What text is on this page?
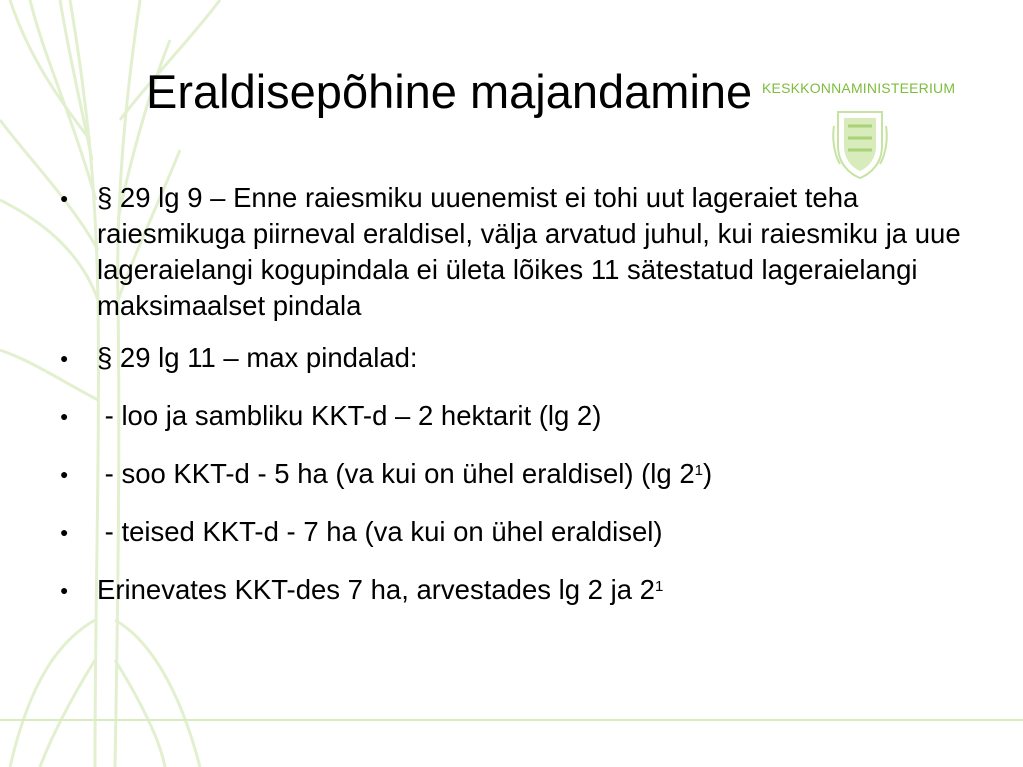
Eraldisepõhine majandamine KESKKONNAMINISTEERIUM
● § 29 lg 9 – Enne raiesmiku uuenemist ei tohi uut lageraiet teha raiesmikuga piirneval eraldisel, välja arvatud juhul, kui raiesmiku ja uue lageraielangi kogupindala ei ületa lõikes 11 sätestatud lageraielangi maksimaalset pindala
● § 29 lg 11 – max pindalad:
● - loo ja sambliku KKT-d – 2 hektarit (lg 2)
● - soo KKT-d - 5 ha (va kui on ühel eraldisel) (lg $2^1$)
● - teised KKT-d - 7 ha (va kui on ühel eraldisel)
● Erinevates KKT-des 7 ha, arvestades lg 2 ja $2^1$
